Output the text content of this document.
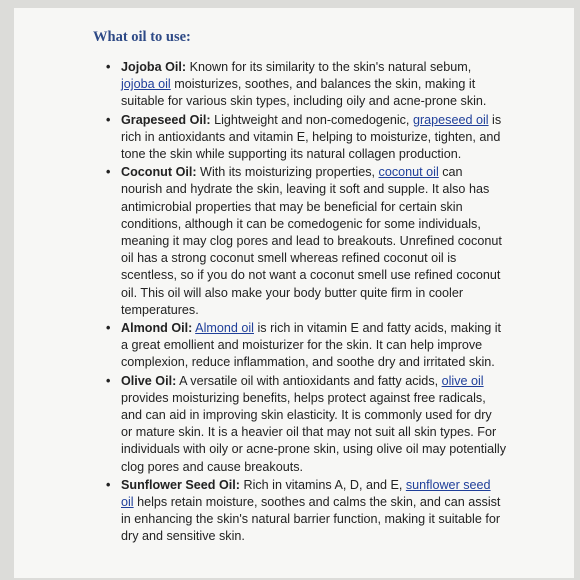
What oil to use:
• Jojoba Oil: Known for its similarity to the skin's natural sebum, jojoba oil moisturizes, soothes, and balances the skin, making it suitable for various skin types, including oily and acne-prone skin.
• Grapeseed Oil: Lightweight and non-comedogenic, grapeseed oil is rich in antioxidants and vitamin E, helping to moisturize, tighten, and tone the skin while supporting its natural collagen production.
• Coconut Oil: With its moisturizing properties, coconut oil can nourish and hydrate the skin, leaving it soft and supple. It also has antimicrobial properties that may be beneficial for certain skin conditions, although it can be comedogenic for some individuals, meaning it may clog pores and lead to breakouts. Unrefined coconut oil has a strong coconut smell whereas refined coconut oil is scentless, so if you do not want a coconut smell use refined coconut oil. This oil will also make your body butter quite firm in cooler temperatures.
• Almond Oil: Almond oil is rich in vitamin E and fatty acids, making it a great emollient and moisturizer for the skin. It can help improve complexion, reduce inflammation, and soothe dry and irritated skin.
• Olive Oil: A versatile oil with antioxidants and fatty acids, olive oil provides moisturizing benefits, helps protect against free radicals, and can aid in improving skin elasticity. It is commonly used for dry or mature skin. It is a heavier oil that may not suit all skin types. For individuals with oily or acne-prone skin, using olive oil may potentially clog pores and cause breakouts.
• Sunflower Seed Oil: Rich in vitamins A, D, and E, sunflower seed oil helps retain moisture, soothes and calms the skin, and can assist in enhancing the skin's natural barrier function, making it suitable for dry and sensitive skin.
